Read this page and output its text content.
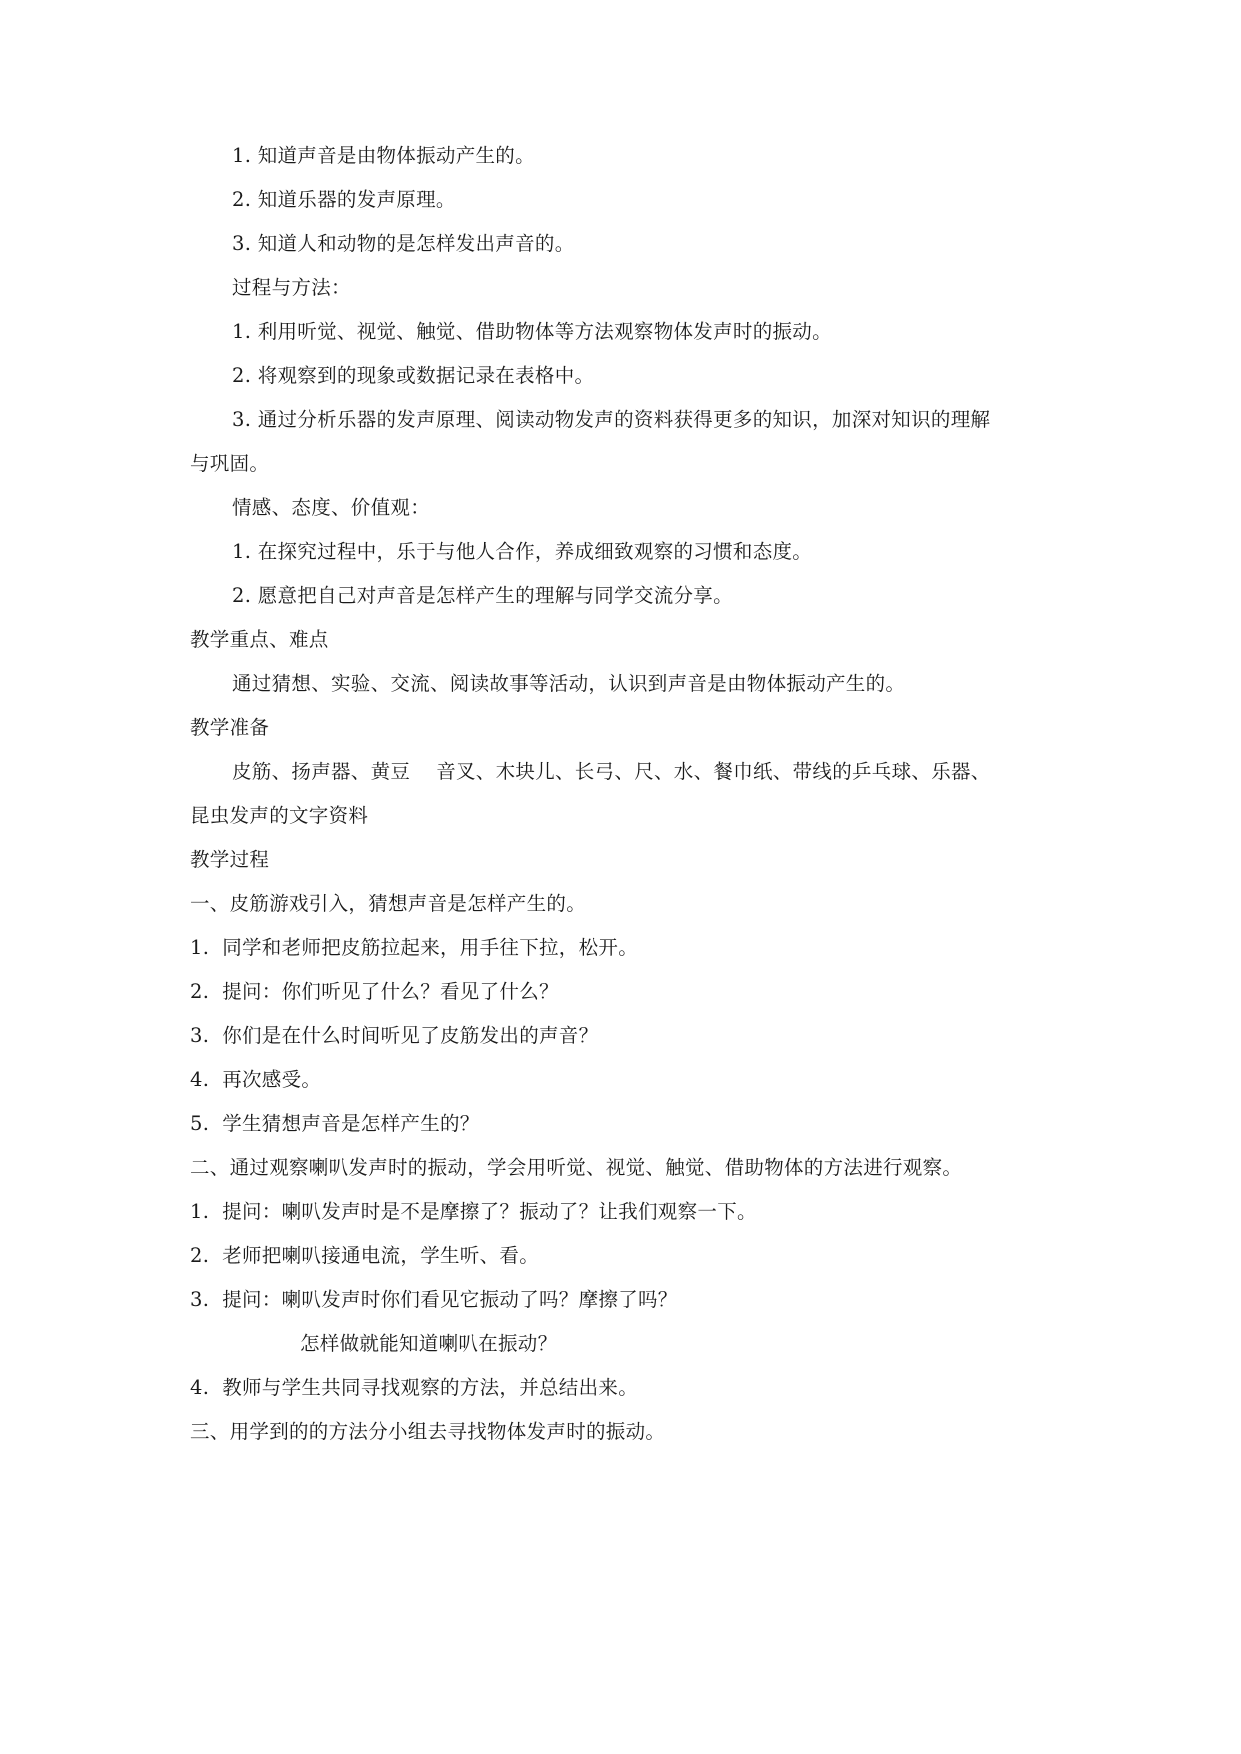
1. 知道声音是由物体振动产生的。
2. 知道乐器的发声原理。
3. 知道人和动物的是怎样发出声音的。
过程与方法：
1. 利用听觉、视觉、触觉、借助物体等方法观察物体发声时的振动。
2. 将观察到的现象或数据记录在表格中。
3. 通过分析乐器的发声原理、阅读动物发声的资料获得更多的知识，加深对知识的理解
与巩固。
情感、态度、价值观：
1. 在探究过程中，乐于与他人合作，养成细致观察的习惯和态度。
2. 愿意把自己对声音是怎样产生的理解与同学交流分享。
教学重点、难点
通过猜想、实验、交流、阅读故事等活动，认识到声音是由物体振动产生的。
教学准备
皮筋、扬声器、黄豆    音叉、木块儿、长弓、尺、水、餐巾纸、带线的乒乓球、乐器、
昆虫发声的文字资料
教学过程
一、皮筋游戏引入，猜想声音是怎样产生的。
1.  同学和老师把皮筋拉起来，用手往下拉，松开。
2.  提问：你们听见了什么？看见了什么？
3.  你们是在什么时间听见了皮筋发出的声音？
4.  再次感受。
5.  学生猜想声音是怎样产生的？
二、通过观察喇叭发声时的振动，学会用听觉、视觉、触觉、借助物体的方法进行观察。
1.  提问：喇叭发声时是不是摩擦了？振动了？让我们观察一下。
2.  老师把喇叭接通电流，学生听、看。
3.  提问：喇叭发声时你们看见它振动了吗？摩擦了吗？
怎样做就能知道喇叭在振动？
4.  教师与学生共同寻找观察的方法，并总结出来。
三、用学到的的方法分小组去寻找物体发声时的振动。
